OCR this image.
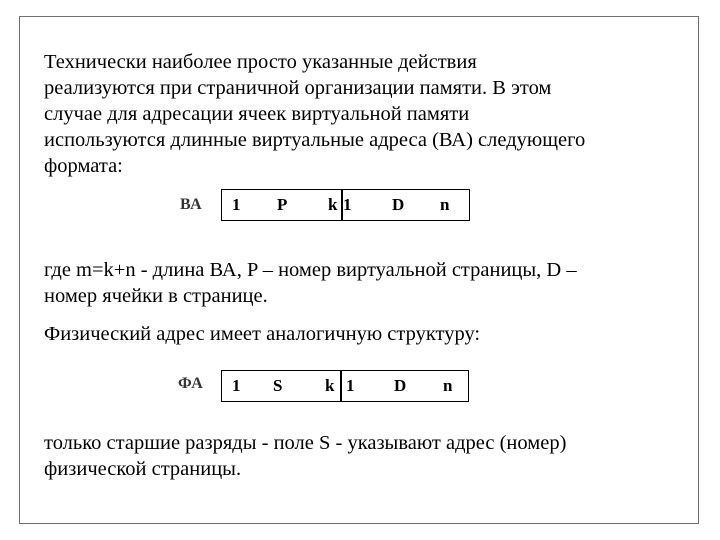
Технически наиболее просто указанные действия
реализуются при страничной организации памяти. В этом
случае для адресации ячеек виртуальной памяти
используются длинные виртуальные адреса (ВА) следующего
формата:

ВА 1 P k 1 D n

где m=k+n - длина ВА, P – номер виртуальной страницы, D –
номер ячейки в странице.

Физический адрес имеет аналогичную структуру:

ФА 1 S	k 1 D n

только старшие разряды - поле S - указывают адрес (номер)
физической страницы.
